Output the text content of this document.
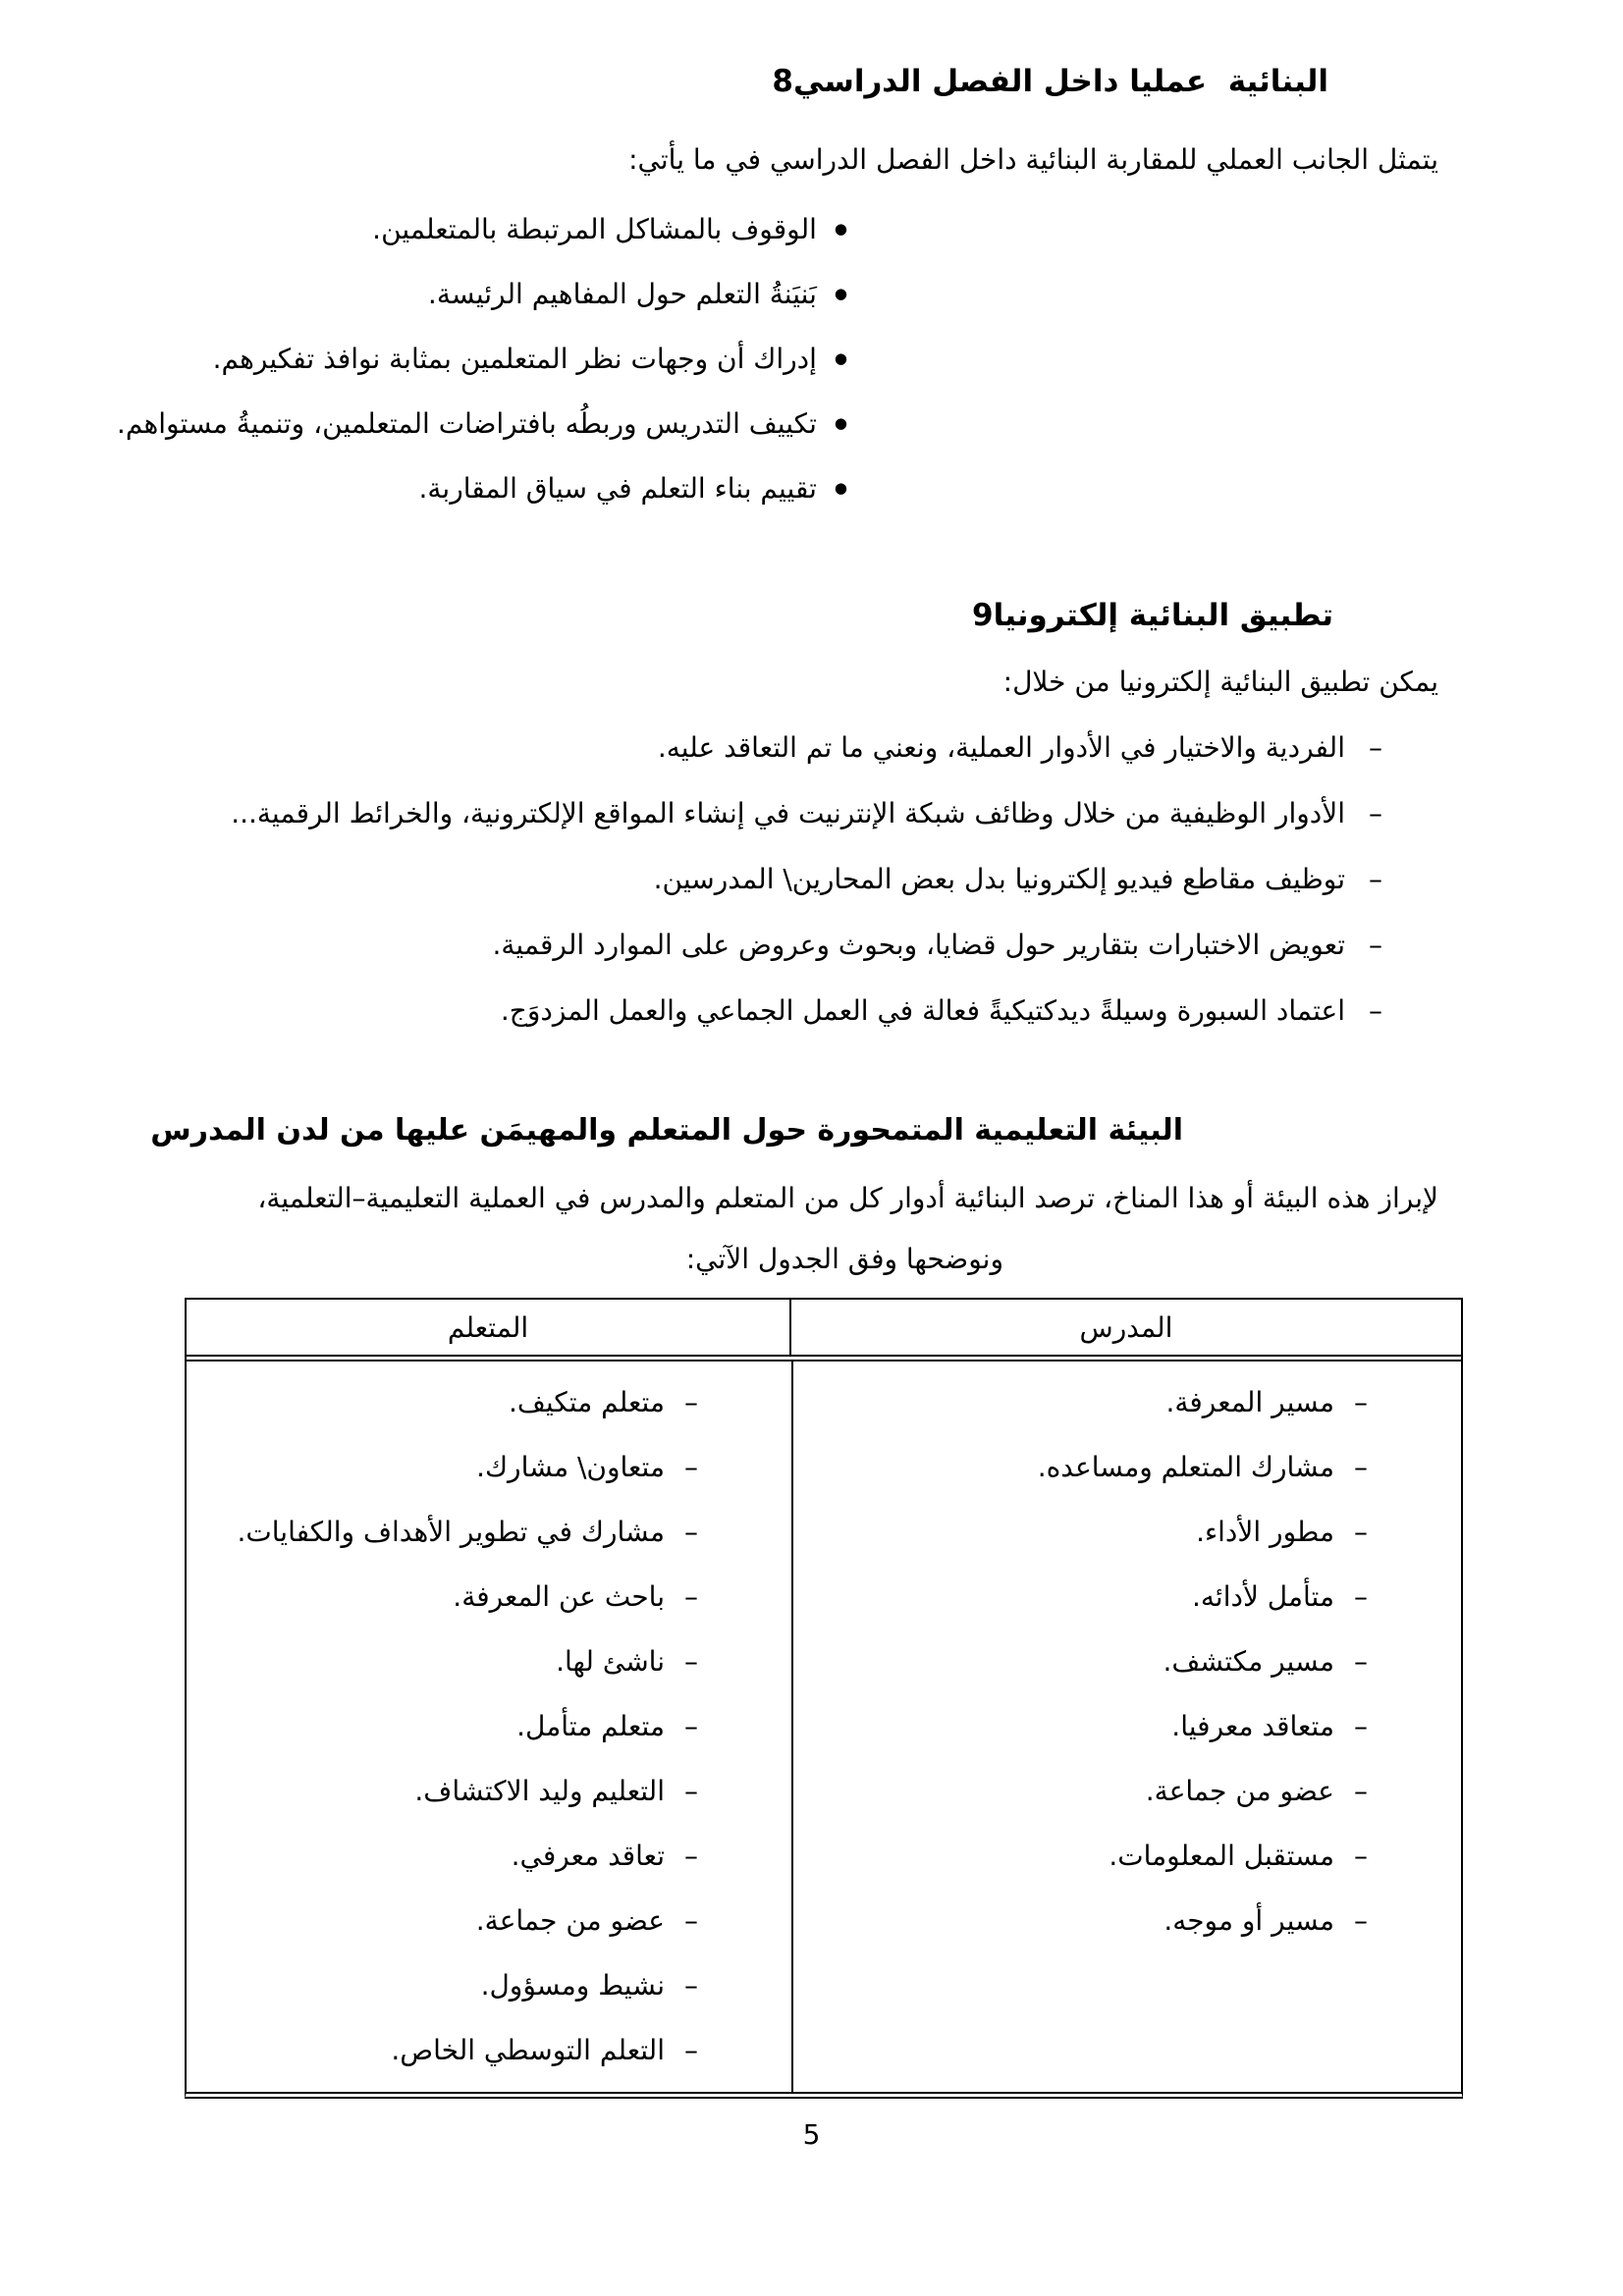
البنائية  عمليا داخل الفصل الدراسي8
يتمثل الجانب العملي للمقاربة البنائية داخل الفصل الدراسي في ما يأتي:
●
الوقوف بالمشاكل المرتبطة بالمتعلمين.
●
بَنيَنةُ التعلم حول المفاهيم الرئيسة.
●
إدراك أن وجهات نظر المتعلمين بمثابة نوافذ تفكيرهم.
●
تكييف التدريس وربطُه بافتراضات المتعلمين، وتنميةُ مستواهم.
●
تقييم بناء التعلم في سياق المقاربة.
تطبيق البنائية إلكترونيا9
يمكن تطبيق البنائية إلكترونيا من خلال:
–
الفردية والاختيار في الأدوار العملية، ونعني ما تم التعاقد عليه.
–
الأدوار الوظيفية من خلال وظائف شبكة الإنترنيت في إنشاء المواقع الإلكترونية، والخرائط الرقمية...
–
توظيف مقاطع فيديو إلكترونيا بدل بعض المحارين\ المدرسين.
–
تعويض الاختبارات بتقارير حول قضايا، وبحوث وعروض على الموارد الرقمية.
–
اعتماد السبورة وسيلةً ديدكتيكيةً فعالة في العمل الجماعي والعمل المزدوَج.
البيئة التعليمية المتمحورة حول المتعلم والمهيمَن عليها من لدن المدرس
لإبراز هذه البيئة أو هذا المناخ، ترصد البنائية أدوار كل من المتعلم والمدرس في العملية التعليمية–التعلمية،
ونوضحها وفق الجدول الآتي:
المدرس
المتعلم
–
مسير المعرفة.
–
مشارك المتعلم ومساعده.
–
مطور الأداء.
–
متأمل لأدائه.
–
مسير مكتشف.
–
متعاقد معرفيا.
–
عضو من جماعة.
–
مستقبل المعلومات.
–
مسير أو موجه.
–
متعلم متكيف.
–
متعاون\ مشارك.
–
مشارك في تطوير الأهداف والكفايات.
–
باحث عن المعرفة.
–
ناشئ لها.
–
متعلم متأمل.
–
التعليم وليد الاكتشاف.
–
تعاقد معرفي.
–
عضو من جماعة.
–
نشيط ومسؤول.
–
التعلم التوسطي الخاص.
5
